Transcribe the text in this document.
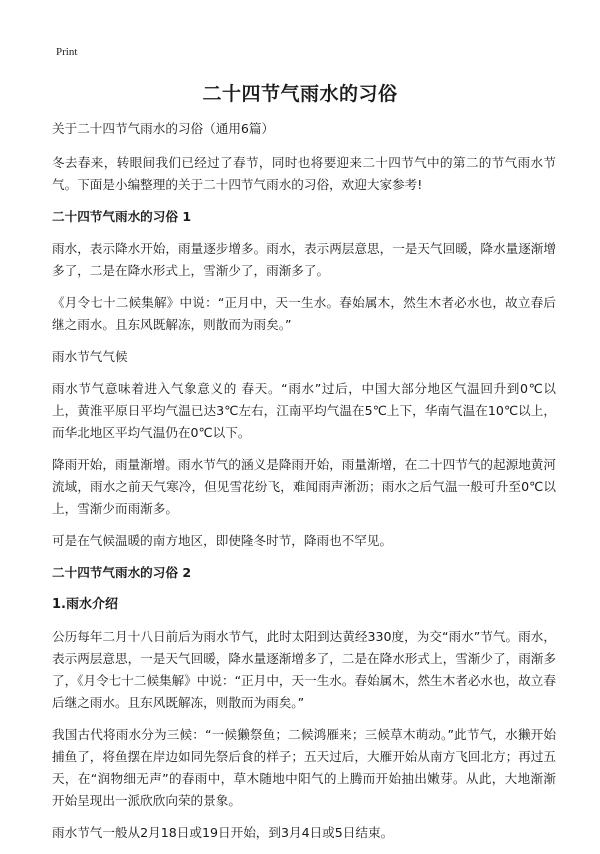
Print
二十四节气雨水的习俗

关于二十四节气雨水的习俗（通用6篇）

冬去春来，转眼间我们已经过了春节，同时也将要迎来二十四节气中的第二的节气雨水节气。下面是小编整理的关于二十四节气雨水的习俗，欢迎大家参考!

二十四节气雨水的习俗 1

雨水，表示降水开始，雨量逐步增多。雨水，表示两层意思，一是天气回暖，降水量逐渐增多了，二是在降水形式上，雪渐少了，雨渐多了。

《月令七十二候集解》中说：“正月中，天一生水。春始属木，然生木者必水也，故立春后继之雨水。且东风既解冻，则散而为雨矣。”

雨水节气气候

雨水节气意味着进入气象意义的 春天。“雨水”过后，中国大部分地区气温回升到0℃以上，黄淮平原日平均气温已达3℃左右，江南平均气温在5℃上下，华南气温在10℃以上，而华北地区平均气温仍在0℃以下。

降雨开始，雨量渐增。雨水节气的涵义是降雨开始，雨量渐增，在二十四节气的起源地黄河流域，雨水之前天气寒冷，但见雪花纷飞，难闻雨声淅沥；雨水之后气温一般可升至0℃以上，雪渐少而雨渐多。

可是在气候温暖的南方地区，即使隆冬时节，降雨也不罕见。

二十四节气雨水的习俗 2
1.雨水介绍

公历每年二月十八日前后为雨水节气，此时太阳到达黄经330度，为交“雨水”节气。雨水，表示两层意思，一是天气回暖，降水量逐渐增多了，二是在降水形式上，雪渐少了，雨渐多了，《月令七十二候集解》中说：“正月中，天一生水。春始属木，然生木者必水也，故立春后继之雨水。且东风既解冻，则散而为雨矣。”

我国古代将雨水分为三候：“一候獭祭鱼；二候鸿雁来；三候草木萌动。”此节气，水獭开始捕鱼了，将鱼摆在岸边如同先祭后食的样子；五天过后，大雁开始从南方飞回北方；再过五天，在“润物细无声”的春雨中，草木随地中阳气的上腾而开始抽出嫩芽。从此，大地渐渐开始呈现出一派欣欣向荣的景象。

雨水节气一般从2月18日或19日开始，到3月4日或5日结束。
